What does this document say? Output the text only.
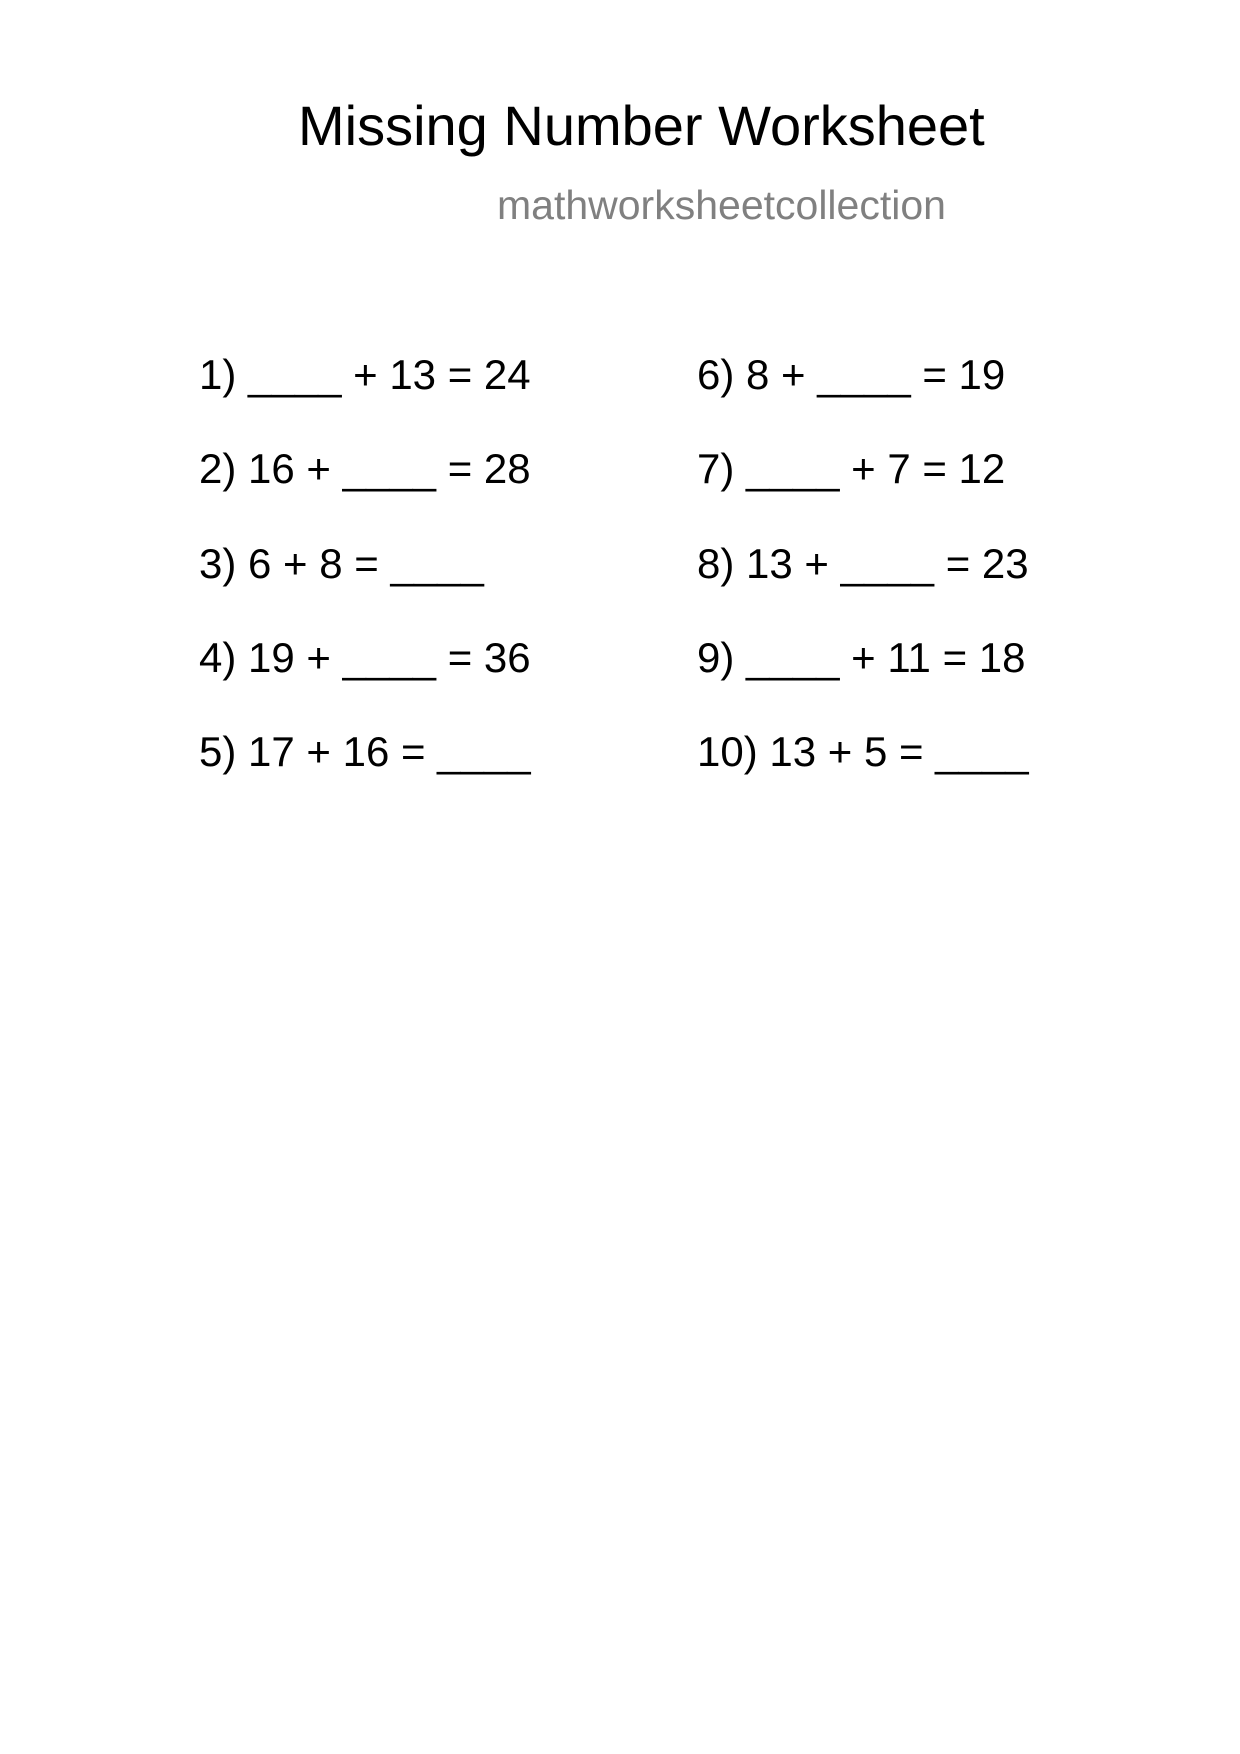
Missing Number Worksheet
mathworksheetcollection
1) ____ + 13 = 24
2) 16 + ____ = 28
3) 6 + 8 = ____
4) 19 + ____ = 36
5) 17 + 16 = ____
6) 8 + ____ = 19
7) ____ + 7 = 12
8) 13 + ____ = 23
9) ____ + 11 = 18
10) 13 + 5 = ____
